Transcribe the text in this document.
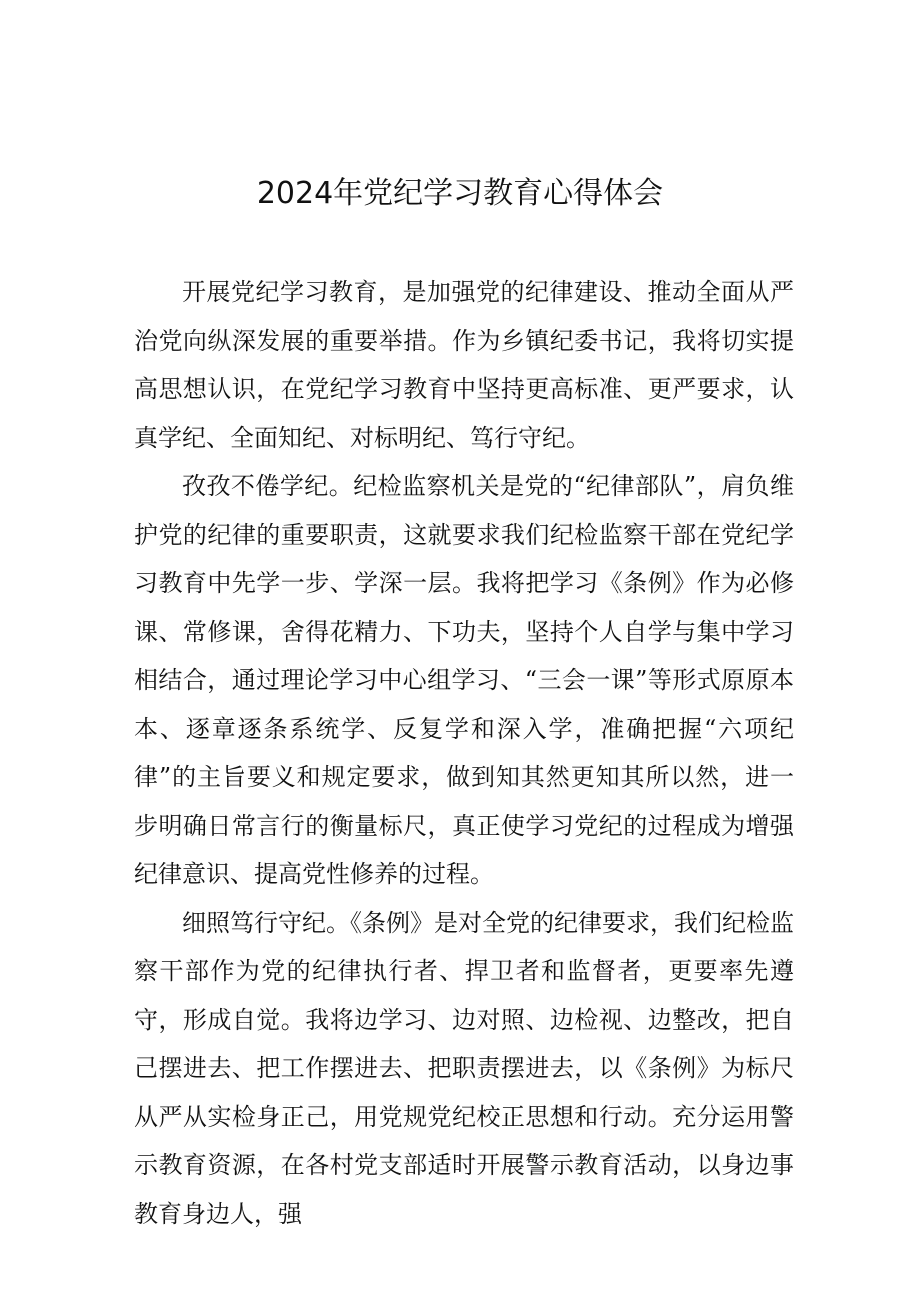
2024年党纪学习教育心得体会

开展党纪学习教育，是加强党的纪律建设、推动全面从严治党向纵深发展的重要举措。作为乡镇纪委书记，我将切实提高思想认识，在党纪学习教育中坚持更高标准、更严要求，认真学纪、全面知纪、对标明纪、笃行守纪。

孜孜不倦学纪。纪检监察机关是党的“纪律部队”，肩负维护党的纪律的重要职责，这就要求我们纪检监察干部在党纪学习教育中先学一步、学深一层。我将把学习《条例》作为必修课、常修课，舍得花精力、下功夫，坚持个人自学与集中学习相结合，通过理论学习中心组学习、“三会一课”等形式原原本本、逐章逐条系统学、反复学和深入学，准确把握“六项纪律”的主旨要义和规定要求，做到知其然更知其所以然，进一步明确日常言行的衡量标尺，真正使学习党纪的过程成为增强纪律意识、提高党性修养的过程。

细照笃行守纪。《条例》是对全党的纪律要求，我们纪检监察干部作为党的纪律执行者、捍卫者和监督者，更要率先遵守，形成自觉。我将边学习、边对照、边检视、边整改，把自己摆进去、把工作摆进去、把职责摆进去，以《条例》为标尺从严从实检身正己，用党规党纪校正思想和行动。充分运用警示教育资源，在各村党支部适时开展警示教育活动，以身边事教育身边人，强
